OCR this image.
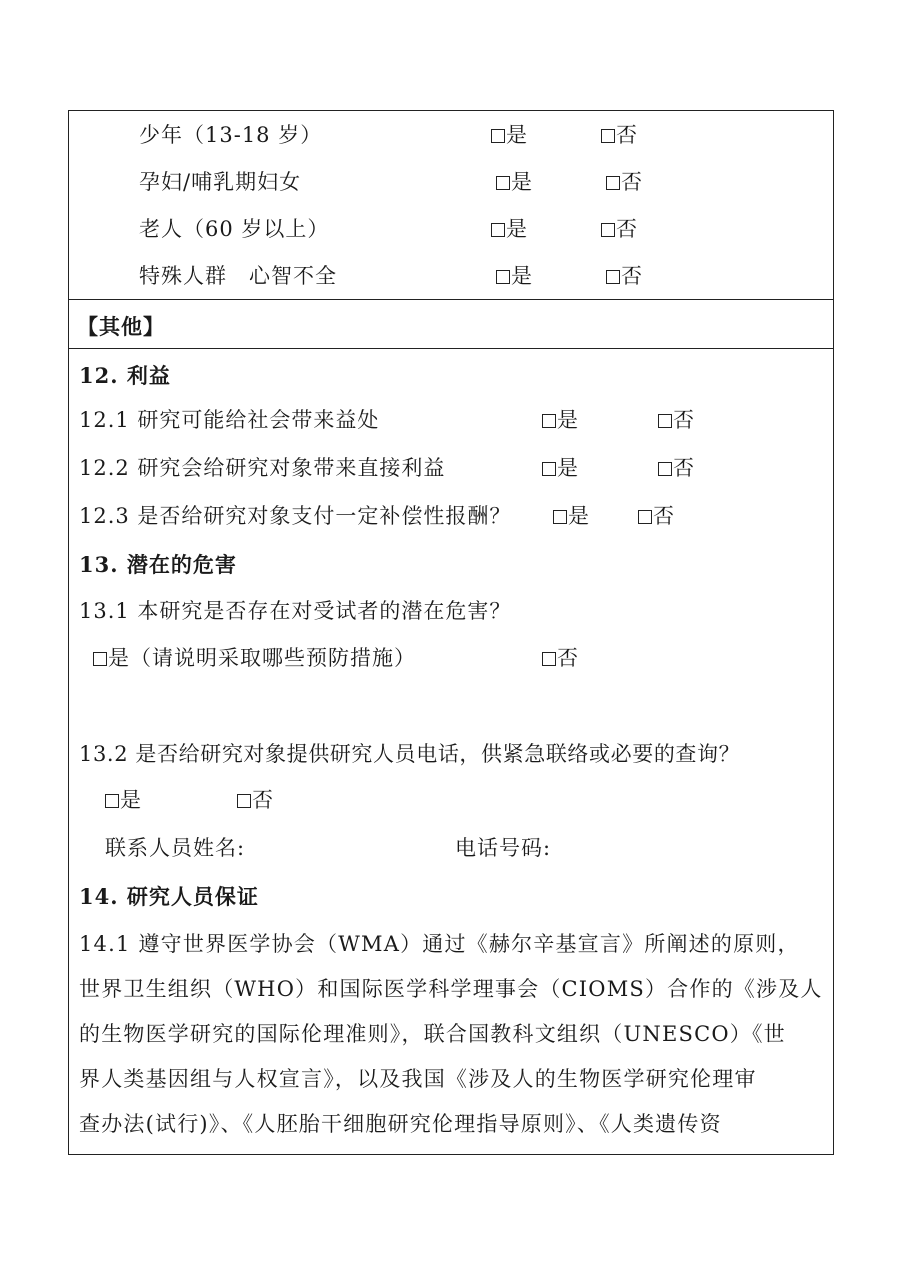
少年（13-18 岁）	是	否
孕妇/哺乳期妇女	是	否
老人（60 岁以上）	是	否
特殊人群　心智不全	是	否
【其他】
12. 利益
12.1 研究可能给社会带来益处	是	否
12.2 研究会给研究对象带来直接利益	是	否
12.3 是否给研究对象支付一定补偿性报酬？	是	否
13. 潜在的危害
13.1 本研究是否存在对受试者的潜在危害？
是（请说明采取哪些预防措施）	否
13.2 是否给研究对象提供研究人员电话，供紧急联络或必要的查询？
是	否
联系人员姓名:	电话号码:
14. 研究人员保证
14.1 遵守世界医学协会（WMA）通过《赫尔辛基宣言》所阐述的原则，
世界卫生组织（WHO）和国际医学科学理事会（CIOMS）合作的《涉及人
的生物医学研究的国际伦理准则》，联合国教科文组织（UNESCO）《世
界人类基因组与人权宣言》，以及我国《涉及人的生物医学研究伦理审
查办法(试行)》、《人胚胎干细胞研究伦理指导原则》、《人类遗传资
